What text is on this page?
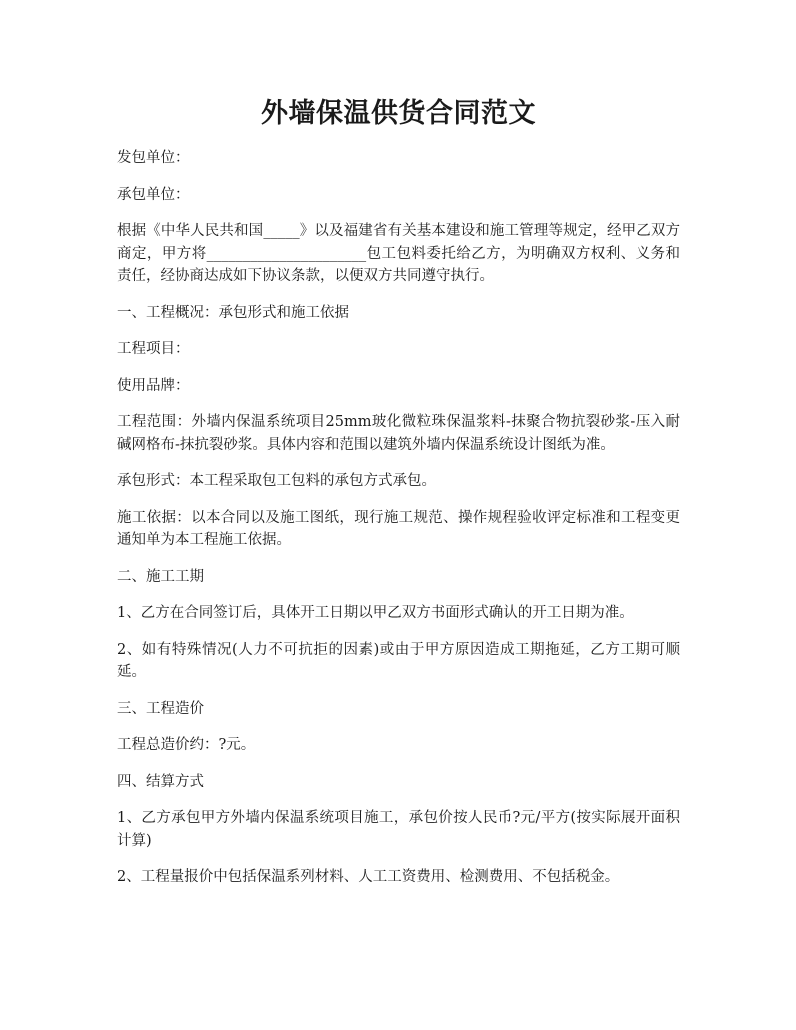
外墙保温供货合同范文

发包单位：

承包单位：

根据《中华人民共和国_____》以及福建省有关基本建设和施工管理等规定，经甲乙双方商定，甲方将______________________包工包料委托给乙方，为明确双方权利、义务和责任，经协商达成如下协议条款，以便双方共同遵守执行。

一、工程概况：承包形式和施工依据

工程项目：

使用品牌：

工程范围：外墙内保温系统项目25mm玻化微粒珠保温浆料-抹聚合物抗裂砂浆-压入耐碱网格布-抹抗裂砂浆。具体内容和范围以建筑外墙内保温系统设计图纸为准。

承包形式：本工程采取包工包料的承包方式承包。

施工依据：以本合同以及施工图纸，现行施工规范、操作规程验收评定标准和工程变更通知单为本工程施工依据。

二、施工工期

1、乙方在合同签订后，具体开工日期以甲乙双方书面形式确认的开工日期为准。

2、如有特殊情况(人力不可抗拒的因素)或由于甲方原因造成工期拖延，乙方工期可顺延。

三、工程造价

工程总造价约：?元。

四、结算方式

1、乙方承包甲方外墙内保温系统项目施工，承包价按人民币?元/平方(按实际展开面积计算)

2、工程量报价中包括保温系列材料、人工工资费用、检测费用、不包括税金。
